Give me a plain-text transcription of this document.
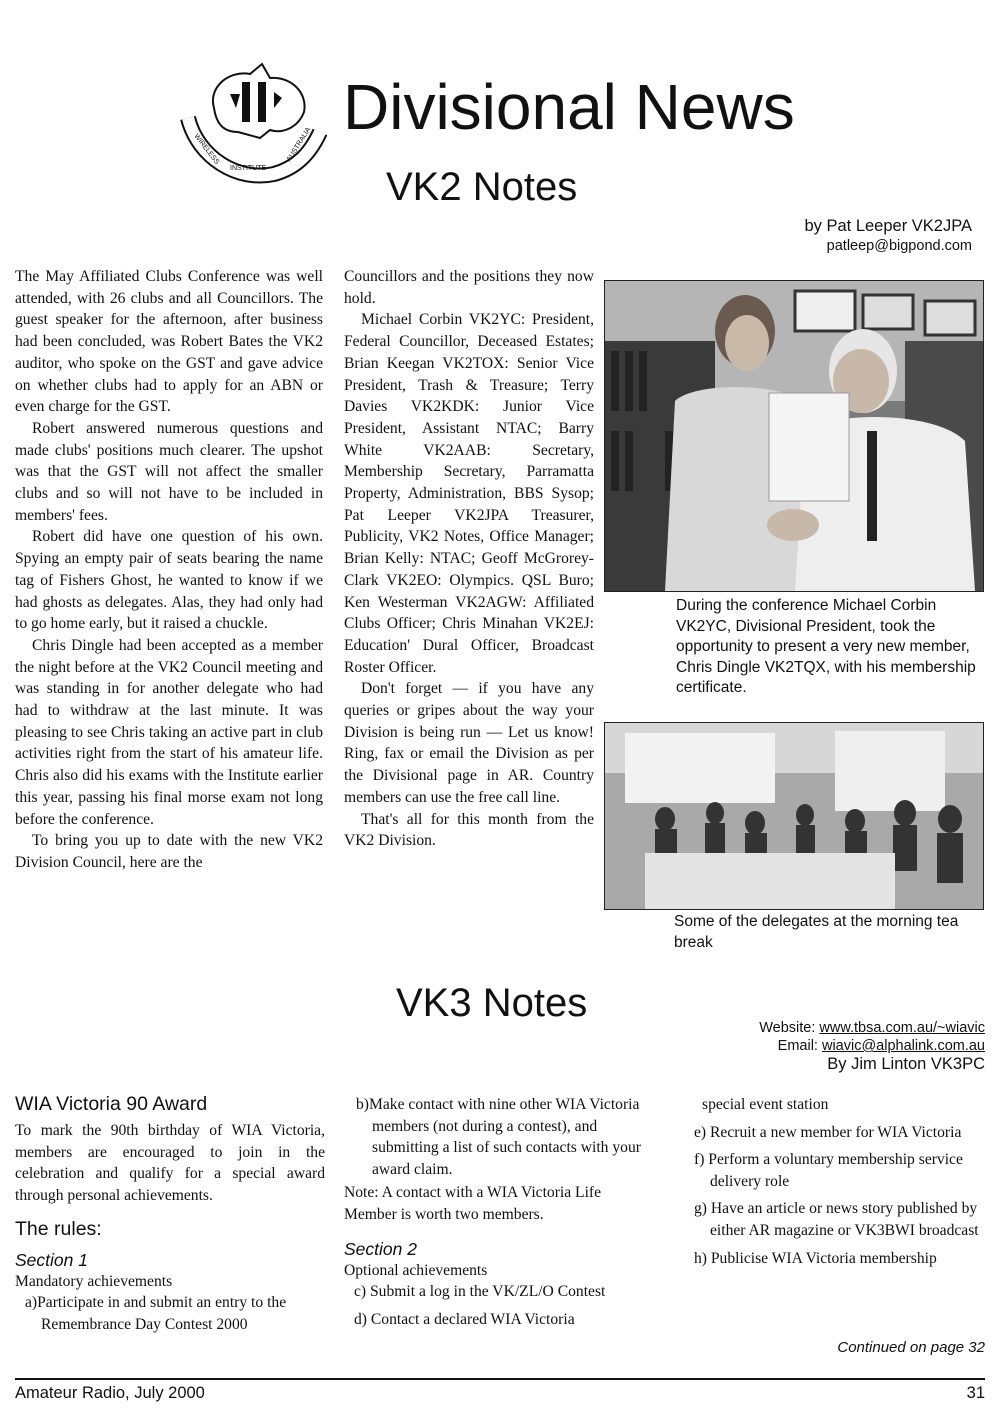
WIRELESS
INSTITUTE
AUSTRALIA
Divisional News
VK2 Notes
by Pat Leeper VK2JPA
patleep@bigpond.com

The May Affiliated Clubs Conference was well attended, with 26 clubs and all Councillors. The guest speaker for the afternoon, after business had been concluded, was Robert Bates the VK2 auditor, who spoke on the GST and gave advice on whether clubs had to apply for an ABN or even charge for the GST.

Robert answered numerous questions and made clubs' positions much clearer. The upshot was that the GST will not affect the smaller clubs and so will not have to be included in members' fees.

Robert did have one question of his own. Spying an empty pair of seats bearing the name tag of Fishers Ghost, he wanted to know if we had ghosts as delegates. Alas, they had only had to go home early, but it raised a chuckle.

Chris Dingle had been accepted as a member the night before at the VK2 Council meeting and was standing in for another delegate who had had to withdraw at the last minute. It was pleasing to see Chris taking an active part in club activities right from the start of his amateur life. Chris also did his exams with the Institute earlier this year, passing his final morse exam not long before the conference.

To bring you up to date with the new VK2 Division Council, here are the

Councillors and the positions they now hold.

Michael Corbin VK2YC: President, Federal Councillor, Deceased Estates; Brian Keegan VK2TOX: Senior Vice President, Trash & Treasure; Terry Davies VK2KDK: Junior Vice President, Assistant NTAC; Barry White VK2AAB: Secretary, Membership Secretary, Parramatta Property, Administration, BBS Sysop; Pat Leeper VK2JPA Treasurer, Publicity, VK2 Notes, Office Manager; Brian Kelly: NTAC; Geoff McGrorey-Clark VK2EO: Olympics. QSL Buro; Ken Westerman VK2AGW: Affiliated Clubs Officer; Chris Minahan VK2EJ: Education' Dural Officer, Broadcast Roster Officer.

Don't forget — if you have any queries or gripes about the way your Division is being run — Let us know! Ring, fax or email the Division as per the Divisional page in AR. Country members can use the free call line.

That's all for this month from the VK2 Division.

During the conference Michael Corbin VK2YC, Divisional President, took the opportunity to present a very new member, Chris Dingle VK2TQX, with his membership certificate.
Some of the delegates at the morning tea break
VK3 Notes
Website: www.tbsa.com.au/~wiavic
Email: wiavic@alphalink.com.au
By Jim Linton VK3PC
WIA Victoria 90 Award
To mark the 90th birthday of WIA Victoria, members are encouraged to join in the celebration and qualify for a special award through personal achievements.
The rules:
Section 1
Mandatory achievements
a)Participate in and submit an entry to the Remembrance Day Contest 2000
b)Make contact with nine other WIA Victoria members (not during a contest), and submitting a list of such contacts with your award claim.
Note: A contact with a WIA Victoria Life Member is worth two members.
Section 2
Optional achievements
c) Submit a log in the VK/ZL/O Contest
d) Contact a declared WIA Victoria
special event station
e) Recruit a new member for WIA Victoria
f) Perform a voluntary membership service delivery role
g) Have an article or news story published by either AR magazine or VK3BWI broadcast
h) Publicise WIA Victoria membership
Continued on page 32
Amateur Radio, July 2000	31
